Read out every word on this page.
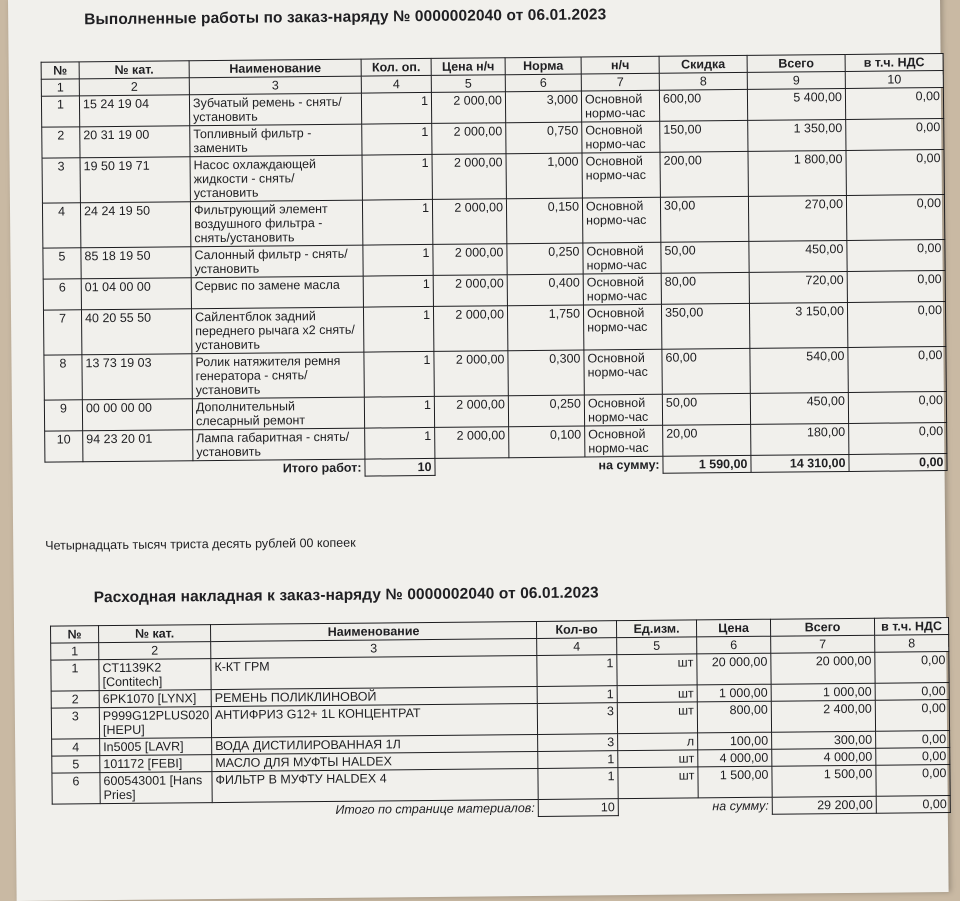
Выполненные работы по заказ-наряду № 0000002040 от 06.01.2023
№	№ кат.	Наименование	Кол. оп.	Цена н/ч	Норма	н/ч	Скидка	Всего	в т.ч. НДС
1	2	3	4	5	6	7	8	9	10
1	15 24 19 04	Зубчатый ремень - снять/установить	1	2 000,00	3,000	Основной нормо-час	600,00	5 400,00	0,00
2	20 31 19 00	Топливный фильтр - заменить	1	2 000,00	0,750	Основной нормо-час	150,00	1 350,00	0,00
3	19 50 19 71	Насос охлаждающей жидкости - снять/установить	1	2 000,00	1,000	Основной нормо-час	200,00	1 800,00	0,00
4	24 24 19 50	Фильтрующий элемент воздушного фильтра - снять/установить	1	2 000,00	0,150	Основной нормо-час	30,00	270,00	0,00
5	85 18 19 50	Салонный фильтр - снять/установить	1	2 000,00	0,250	Основной нормо-час	50,00	450,00	0,00
6	01 04 00 00	Сервис по замене масла	1	2 000,00	0,400	Основной нормо-час	80,00	720,00	0,00
7	40 20 55 50	Сайлентблок задний переднего рычага x2 снять/установить	1	2 000,00	1,750	Основной нормо-час	350,00	3 150,00	0,00
8	13 73 19 03	Ролик натяжителя ремня генератора - снять/установить	1	2 000,00	0,300	Основной нормо-час	60,00	540,00	0,00
9	00 00 00 00	Дополнительный слесарный ремонт	1	2 000,00	0,250	Основной нормо-час	50,00	450,00	0,00
10	94 23 20 01	Лампа габаритная - снять/установить	1	2 000,00	0,100	Основной нормо-час	20,00	180,00	0,00
Итого работ:			10	на сумму:			1 590,00	14 310,00	0,00
Четырнадцать тысяч триста десять рублей 00 копеек
Расходная накладная к заказ-наряду № 0000002040 от 06.01.2023
№	№ кат.	Наименование	Кол-во	Ед.изм.	Цена	Всего	в т.ч. НДС
1	2	3	4	5	6	7	8
1	CT1139K2 [Contitech]	К-КТ ГРМ	1	шт	20 000,00	20 000,00	0,00
2	6PK1070 [LYNX]	РЕМЕНЬ ПОЛИКЛИНОВОЙ	1	шт	1 000,00	1 000,00	0,00
3	P999G12PLUS020 [HEPU]	АНТИФРИЗ G12+ 1L КОНЦЕНТРАТ	3	шт	800,00	2 400,00	0,00
4	In5005 [LAVR]	ВОДА ДИСТИЛИРОВАННАЯ 1Л	3	л	100,00	300,00	0,00
5	101172 [FEBI]	МАСЛО ДЛЯ МУФТЫ HALDEX	1	шт	4 000,00	4 000,00	0,00
6	600543001 [Hans Pries]	ФИЛЬТР В МУФТУ HALDEX 4	1	шт	1 500,00	1 500,00	0,00
Итого по странице материалов:			10	на сумму:		29 200,00	0,00
